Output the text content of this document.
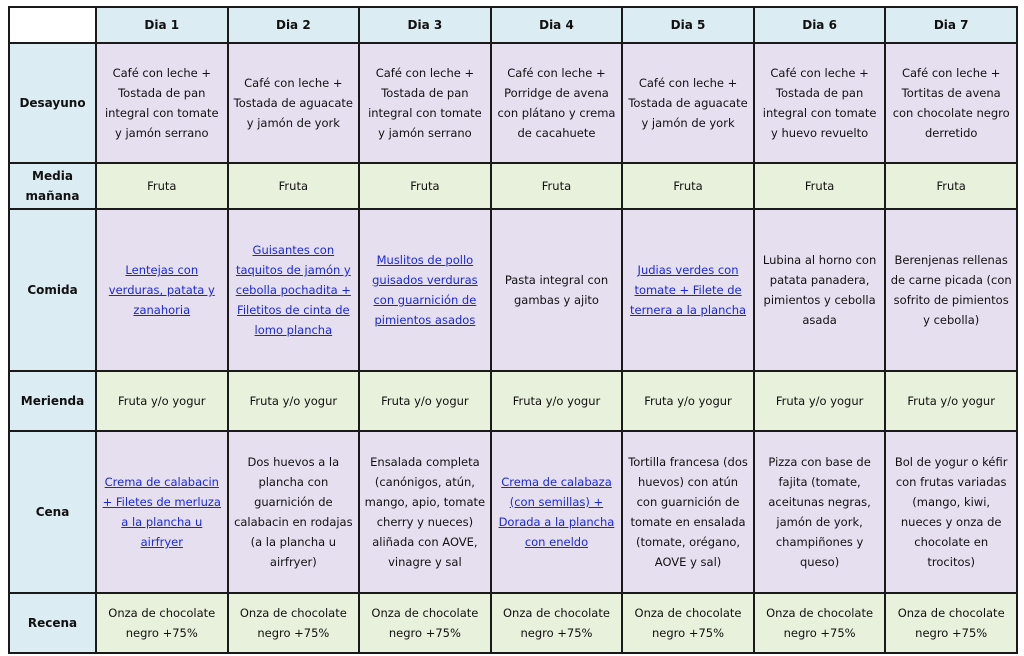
	Dia 1	Dia 2	Dia 3	Dia 4	Dia 5	Dia 6	Dia 7
Desayuno	Café con leche + Tostada de pan integral con tomate y jamón serrano	Café con leche + Tostada de aguacate y jamón de york	Café con leche + Tostada de pan integral con tomate y jamón serrano	Café con leche + Porridge de avena con plátano y crema de cacahuete	Café con leche + Tostada de aguacate y jamón de york	Café con leche + Tostada de pan integral con tomate y huevo revuelto	Café con leche + Tortitas de avena con chocolate negro derretido
Media mañana	Fruta	Fruta	Fruta	Fruta	Fruta	Fruta	Fruta
Comida	Lentejas con verduras, patata y zanahoria	Guisantes con taquitos de jamón y cebolla pochadita + Filetitos de cinta de lomo plancha	Muslitos de pollo guisados verduras con guarnición de pimientos asados	Pasta integral con gambas y ajito	Judias verdes con tomate + Filete de ternera a la plancha	Lubina al horno con patata panadera, pimientos y cebolla asada	Berenjenas rellenas de carne picada (con sofrito de pimientos y cebolla)
Merienda	Fruta y/o yogur	Fruta y/o yogur	Fruta y/o yogur	Fruta y/o yogur	Fruta y/o yogur	Fruta y/o yogur	Fruta y/o yogur
Cena	Crema de calabacin + Filetes de merluza a la plancha u airfryer	Dos huevos a la plancha con guarnición de calabacin en rodajas (a la plancha u airfryer)	Ensalada completa (canónigos, atún, mango, apio, tomate cherry y nueces) aliñada con AOVE, vinagre y sal	Crema de calabaza (con semillas) + Dorada a la plancha con eneldo	Tortilla francesa (dos huevos) con atún con guarnición de tomate en ensalada (tomate, orégano, AOVE y sal)	Pizza con base de fajita (tomate, aceitunas negras, jamón de york, champiñones y queso)	Bol de yogur o kéfir con frutas variadas (mango, kiwi, nueces y onza de chocolate en trocitos)
Recena	Onza de chocolate negro +75%	Onza de chocolate negro +75%	Onza de chocolate negro +75%	Onza de chocolate negro +75%	Onza de chocolate negro +75%	Onza de chocolate negro +75%	Onza de chocolate negro +75%
